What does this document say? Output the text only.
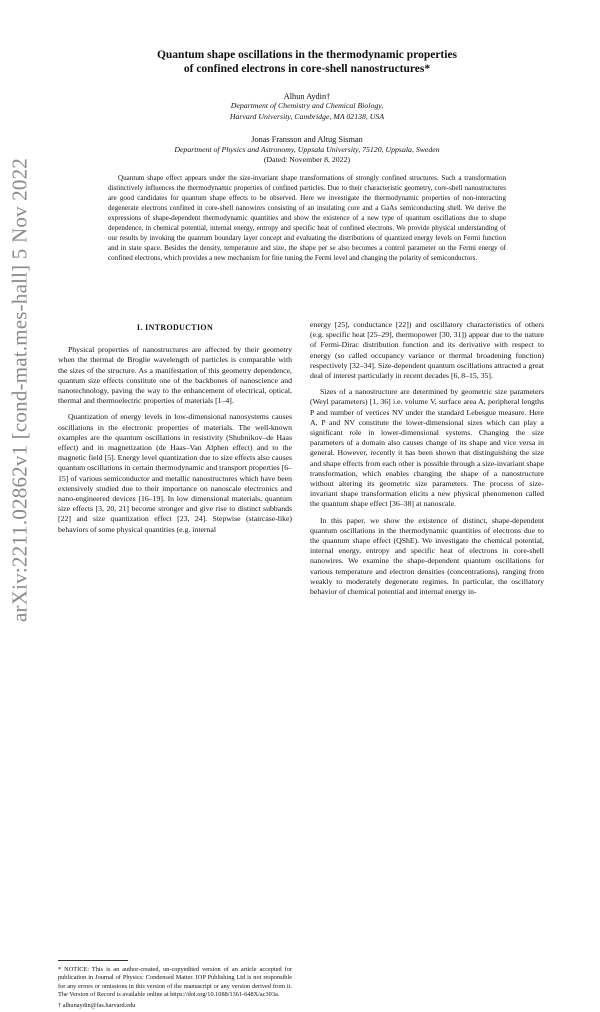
arXiv:2211.02862v1 [cond-mat.mes-hall] 5 Nov 2022
Quantum shape oscillations in the thermodynamic properties
of confined electrons in core-shell nanostructures*
Alhun Aydin†
Department of Chemistry and Chemical Biology,
Harvard University, Cambridge, MA 02138, USA
Jonas Fransson and Altug Sisman
Department of Physics and Astronomy, Uppsala University, 75120, Uppsala, Sweden
(Dated: November 8, 2022)
Quantum shape effect appears under the size-invariant shape transformations of strongly confined structures. Such a transformation distinctively influences the thermodynamic properties of confined particles. Due to their characteristic geometry, core-shell nanostructures are good candidates for quantum shape effects to be observed. Here we investigate the thermodynamic properties of non-interacting degenerate electrons confined in core-shell nanowires consisting of an insulating core and a GaAs semiconducting shell. We derive the expressions of shape-dependent thermodynamic quantities and show the existence of a new type of quantum oscillations due to shape dependence, in chemical potential, internal energy, entropy and specific heat of confined electrons. We provide physical understanding of our results by invoking the quantum boundary layer concept and evaluating the distributions of quantized energy levels on Fermi function and in state space. Besides the density, temperature and size, the shape per se also becomes a control parameter on the Fermi energy of confined electrons, which provides a new mechanism for fine tuning the Fermi level and changing the polarity of semiconductors.
I. INTRODUCTION

Physical properties of nanostructures are affected by their geometry when the thermal de Broglie wavelength of particles is comparable with the sizes of the structure. As a manifestation of this geometry dependence, quantum size effects constitute one of the backbones of nanoscience and nanotechnology, paving the way to the enhancement of electrical, optical, thermal and thermoelectric properties of materials [1–4].

Quantization of energy levels in low-dimensional nanosystems causes oscillations in the electronic properties of materials. The well-known examples are the quantum oscillations in resistivity (Shubnikov–de Haas effect) and in magnetization (de Haas–Van Alphen effect) and to the magnetic field [5]. Energy level quantization due to size effects also causes quantum oscillations in certain thermodynamic and transport properties [6–15] of various semiconductor and metallic nanostructures which have been extensively studied due to their importance on nanoscale electronics and nano-engineered devices [16–19]. In low dimensional materials, quantum size effects [3, 20, 21] become stronger and give rise to distinct subbands [22] and size quantization effect [23, 24]. Stepwise (staircase-like) behaviors of some physical quantities (e.g. internal

energy [25], conductance [22]) and oscillatory characteristics of others (e.g. specific heat [25–29], thermopower [30, 31]) appear due to the nature of Fermi-Dirac distribution function and its derivative with respect to energy (so called occupancy variance or thermal broadening function) respectively [32–34]. Size-dependent quantum oscillations attracted a great deal of interest particularly in recent decades [6, 8–15, 35].

Sizes of a nanostructure are determined by geometric size parameters (Weyl parameters) [1, 36] i.e. volume V, surface area A, peripheral lengths P and number of vertices NV under the standard Lebesgue measure. Here A, P and NV constitute the lower-dimensional sizes which can play a significant role in lower-dimensional systems. Changing the size parameters of a domain also causes change of its shape and vice versa in general. However, recently it has been shown that distinguishing the size and shape effects from each other is possible through a size-invariant shape transformation, which enables changing the shape of a nanostructure without altering its geometric size parameters. The process of size-invariant shape transformation elicits a new physical phenomenon called the quantum shape effect [36–38] at nanoscale.

In this paper, we show the existence of distinct, shape-dependent quantum oscillations in the thermodynamic quantities of electrons due to the quantum shape effect (QShE). We investigate the chemical potential, internal energy, entropy and specific heat of electrons in core-shell nanowires. We examine the shape-dependent quantum oscillations for various temperature and electron densities (concentrations), ranging from weakly to moderately degenerate regimes. In particular, the oscillatory behavior of chemical potential and internal energy in-

* NOTICE: This is an author-created, un-copyedited version of an article accepted for publication in Journal of Physics: Condensed Matter. IOP Publishing Ltd is not responsible for any errors or omissions in this version of the manuscript or any version derived from it. The Version of Record is available online at https://doi.org/10.1088/1361-648X/ac303a.

† alhunaydin@fas.harvard.edu
